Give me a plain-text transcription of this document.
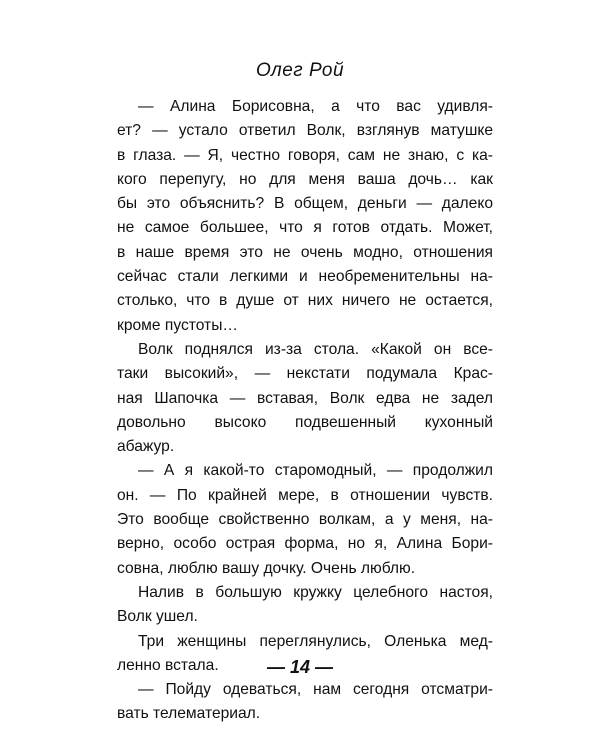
Олег Рой
— Алина Борисовна, а что вас удивля-
ет? — устало ответил Волк, взглянув матушке
в глаза. — Я, честно говоря, сам не знаю, с ка-
кого перепугу, но для меня ваша дочь… как
бы это объяснить? В общем, деньги — далеко
не самое большее, что я готов отдать. Может,
в наше время это не очень модно, отношения
сейчас стали легкими и необременительны на-
столько, что в душе от них ничего не остается,
кроме пустоты…
Волк поднялся из-за стола. «Какой он все-
таки высокий», — некстати подумала Крас-
ная Шапочка — вставая, Волк едва не задел
довольно высоко подвешенный кухонный
абажур.
— А я какой-то старомодный, — продолжил
он. — По крайней мере, в отношении чувств.
Это вообще свойственно волкам, а у меня, на-
верно, особо острая форма, но я, Алина Бори-
совна, люблю вашу дочку. Очень люблю.
Налив в большую кружку целебного настоя,
Волк ушел.
Три женщины переглянулись, Оленька мед-
ленно встала.
— Пойду одеваться, нам сегодня отсматри-
вать телематериал.
— 14 —
